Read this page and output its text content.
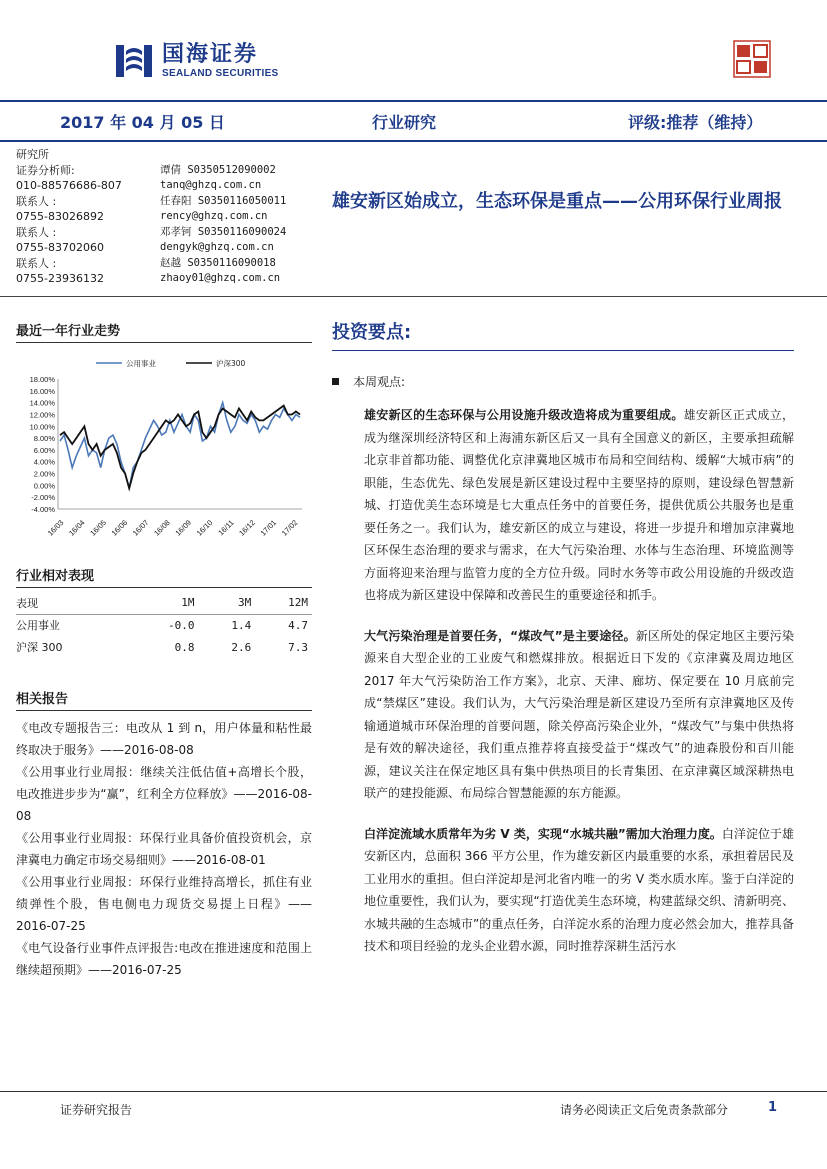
国海证券
SEALAND SECURITIES
2017 年 04 月 05 日	行业研究	评级:推荐（维持）
研究所
证券分析师:	谭倩 S0350512090002
010-88576686-807	tanq@ghzq.com.cn
联系人 :	任春阳 S0350116050011
0755-83026892	rency@ghzq.com.cn
联系人 :	邓孝钶 S0350116090024
0755-83702060	dengyk@ghzq.com.cn
联系人 :	赵越 S0350116090018
0755-23936132	zhaoy01@ghzq.com.cn
雄安新区始成立，生态环保是重点——公用环保行业周报
最近一年行业走势
18.00%
16.00%
14.00%
12.00%
10.00%
8.00%
6.00%
4.00%
2.00%
0.00%
-2.00%
-4.00%
16/03 16/04 16/05 16/06 16/07 16/08 16/09 16/10 16/11 16/12 17/01 17/02
公用事业	沪深300
行业相对表现
表现	1M	3M	12M
公用事业	-0.0	1.4	4.7
沪深 300	0.8	2.6	7.3
相关报告

《电改专题报告三：电改从 1 到 n，用户体量和粘性最终取决于服务》——2016-08-08

《公用事业行业周报：继续关注低估值+高增长个股，电改推进步步为“赢”，红利全方位释放》——2016-08-08

《公用事业行业周报：环保行业具备价值投资机会，京津冀电力确定市场交易细则》——2016-08-01

《公用事业行业周报：环保行业维持高增长，抓住有业绩弹性个股，售电侧电力现货交易提上日程》——2016-07-25

《电气设备行业事件点评报告:电改在推进速度和范围上继续超预期》——2016-07-25

投资要点:
本周观点:
雄安新区的生态环保与公用设施升级改造将成为重要组成。雄安新区正式成立，成为继深圳经济特区和上海浦东新区后又一具有全国意义的新区，主要承担疏解北京非首都功能、调整优化京津冀地区城市布局和空间结构、缓解“大城市病”的职能，生态优先、绿色发展是新区建设过程中主要坚持的原则，建设绿色智慧新城、打造优美生态环境是七大重点任务中的首要任务，提供优质公共服务也是重要任务之一。我们认为，雄安新区的成立与建设，将进一步提升和增加京津冀地区环保生态治理的要求与需求，在大气污染治理、水体与生态治理、环境监测等方面将迎来治理与监管力度的全方位升级。同时水务等市政公用设施的升级改造也将成为新区建设中保障和改善民生的重要途径和抓手。
大气污染治理是首要任务，“煤改气”是主要途径。新区所处的保定地区主要污染源来自大型企业的工业废气和燃煤排放。根据近日下发的《京津冀及周边地区 2017 年大气污染防治工作方案》，北京、天津、廊坊、保定要在 10 月底前完成“禁煤区”建设。我们认为，大气污染治理是新区建设乃至所有京津冀地区及传输通道城市环保治理的首要问题，除关停高污染企业外，“煤改气”与集中供热将是有效的解决途径，我们重点推荐将直接受益于“煤改气”的迪森股份和百川能源，建议关注在保定地区具有集中供热项目的长青集团、在京津冀区域深耕热电联产的建投能源、布局综合智慧能源的东方能源。
白洋淀流域水质常年为劣 V 类，实现“水城共融”需加大治理力度。白洋淀位于雄安新区内，总面积 366 平方公里，作为雄安新区内最重要的水系，承担着居民及工业用水的重担。但白洋淀却是河北省内唯一的劣 V 类水质水库。鉴于白洋淀的地位重要性，我们认为，要实现“打造优美生态环境，构建蓝绿交织、清新明亮、水城共融的生态城市”的重点任务，白洋淀水系的治理力度必然会加大，推荐具备技术和项目经验的龙头企业碧水源，同时推荐深耕生活污水
证券研究报告	请务必阅读正文后免责条款部分	1
